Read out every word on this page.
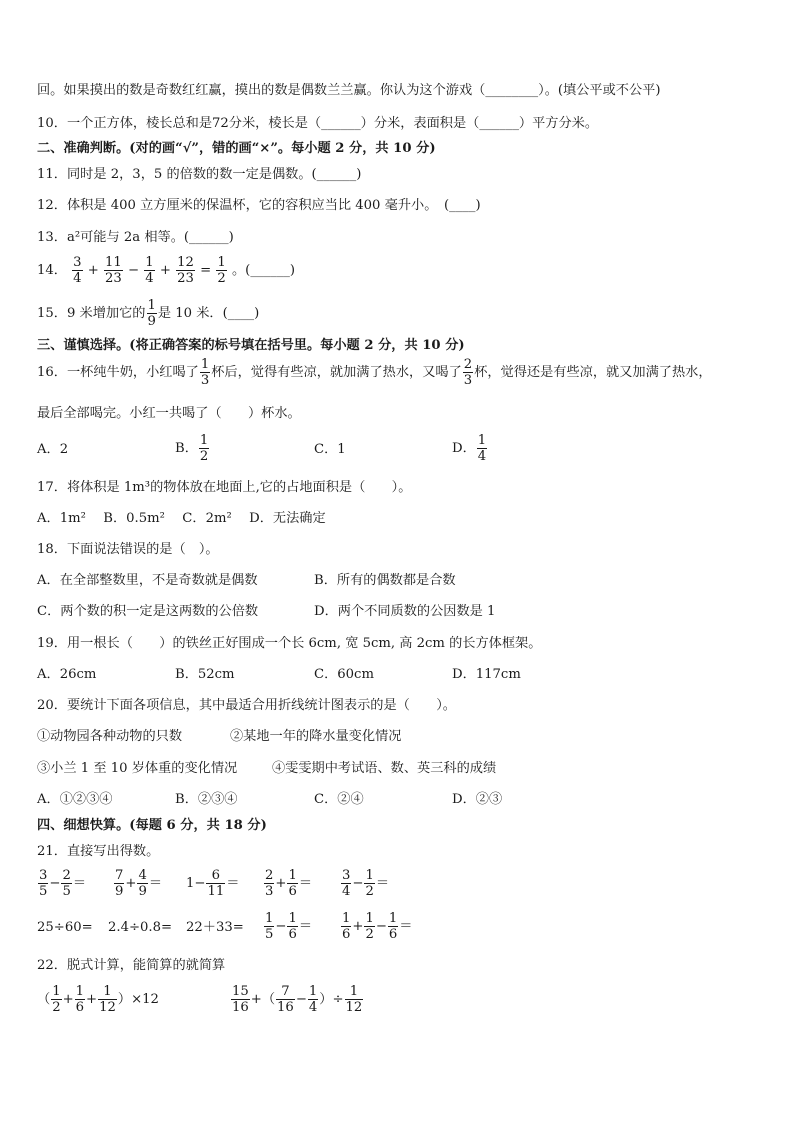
回。如果摸出的数是奇数红红赢，摸出的数是偶数兰兰赢。你认为这个游戏（________）。(填公平或不公平)
10．一个正方体，棱长总和是72分米，棱长是（______）分米，表面积是（______）平方分米。
二、准确判断。(对的画“√”，错的画“×”。每小题 2 分，共 10 分)
11．同时是 2，3，5 的倍数的数一定是偶数。(______)
12．体积是 400 立方厘米的保温杯，它的容积应当比 400 毫升小。　(____)
13．a²可能与 2a 相等。(______)
14． $\frac{3}{4} + \frac{11}{23} - \frac{1}{4} + \frac{12}{23} = \frac{1}{2}$ 。(______)
15．9 米增加它的 $\frac{1}{9}$ 是 10 米．(____)
三、谨慎选择。(将正确答案的标号填在括号里。每小题 2 分，共 10 分)
16．一杯纯牛奶，小红喝了 $\frac{1}{3}$ 杯后，觉得有些凉，就加满了热水，又喝了 $\frac{2}{3}$ 杯，觉得还是有些凉，就又加满了热水，
最后全部喝完。小红一共喝了（　　）杯水。
A．2	B． $\frac{1}{2}$	C．1	D． $\frac{1}{4}$
17．将体积是 1m³的物体放在地面上,它的占地面积是（　　）。
A．1m²　 B．0.5m²　 C．2m²　 D．无法确定
18．下面说法错误的是（　）。
A．在全部整数里，不是奇数就是偶数	B．所有的偶数都是合数
C．两个数的积一定是这两数的公倍数	D．两个不同质数的公因数是 1
19．用一根长（　　）的铁丝正好围成一个长 6cm, 宽 5cm, 高 2cm 的长方体框架。
A．26cm	B．52cm	C．60cm	D．117cm
20．要统计下面各项信息，其中最适合用折线统计图表示的是（　　）。
①动物园各种动物的只数	②某地一年的降水量变化情况
③小兰 1 至 10 岁体重的变化情况	④雯雯期中考试语、数、英三科的成绩
A．①②③④	B．②③④	C．②④	D．②③
四、细想快算。(每题 6 分，共 18 分)
21．直接写出得数。
$\frac{3}{5} - \frac{2}{5} = \frac{7}{9} + \frac{4}{9} = 1- \frac{6}{11} = \frac{2}{3} + \frac{1}{6} = \frac{3}{4} - \frac{1}{2}$ ＝
$25\div 60= 2.4\div 0.8= 22+33= \frac{1}{5} - \frac{1}{6} = \frac{1}{6} + \frac{1}{2} - \frac{1}{6}$ ＝
22．脱式计算，能简算的就简算
（ $\frac{1}{2} + \frac{1}{6} + \frac{1}{12} )\times 12$	$\frac{15}{16}$ +（ $\frac{7}{16} - \frac{1}{4}$ ）÷ $\frac{1}{12}$
